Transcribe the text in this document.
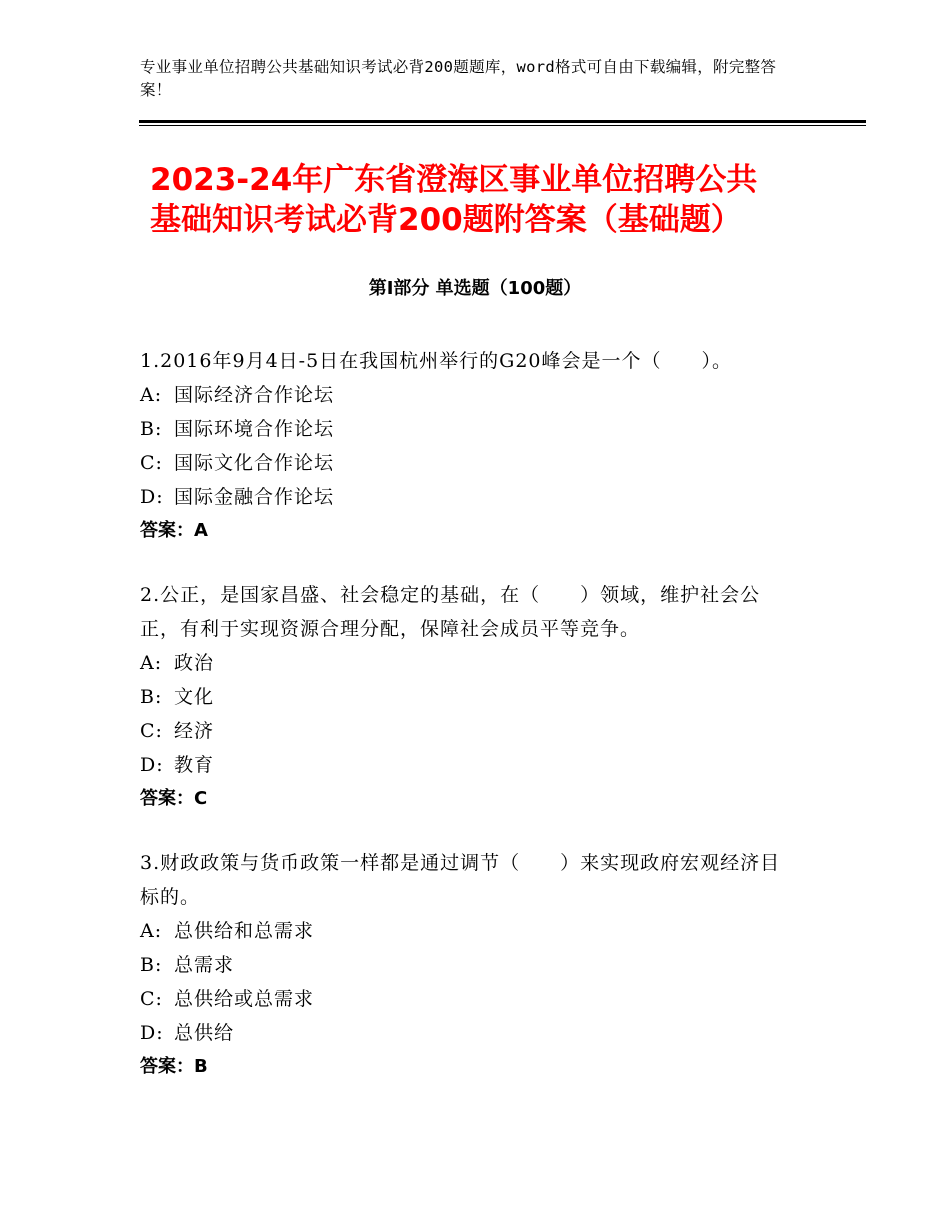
专业事业单位招聘公共基础知识考试必背200题题库，word格式可自由下载编辑，附完整答案！
2023-24年广东省澄海区事业单位招聘公共
基础知识考试必背200题附答案（基础题）
第Ⅰ部分 单选题（100题）
1.2016年9月4日-5日在我国杭州举行的G20峰会是一个（　　）。
A: 国际经济合作论坛
B: 国际环境合作论坛
C: 国际文化合作论坛
D: 国际金融合作论坛
答案：A
2.公正，是国家昌盛、社会稳定的基础，在（　　）领域，维护社会公正，有利于实现资源合理分配，保障社会成员平等竞争。
A: 政治
B: 文化
C: 经济
D: 教育
答案：C
3.财政政策与货币政策一样都是通过调节（　　）来实现政府宏观经济目标的。
A: 总供给和总需求
B: 总需求
C: 总供给或总需求
D: 总供给
答案：B
